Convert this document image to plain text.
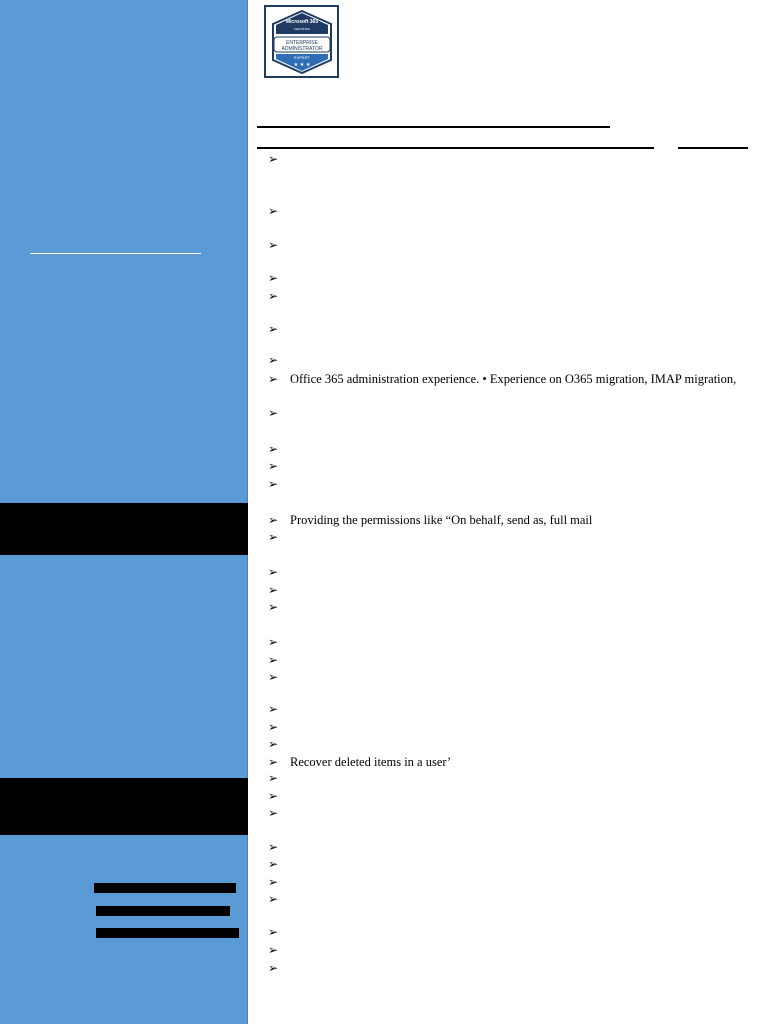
Microsoft 365
CERTIFIED
ENTERPRISE
ADMINISTRATOR
EXPERT
★ ★ ★
➢
➢
➢
➢
➢
➢
➢
➢ Office 365 administration experience. • Experience on O365 migration, IMAP migration,
➢
➢
➢
➢
➢ Providing the permissions like “On behalf, send as, full mail
➢
➢
➢
➢
➢
➢
➢
➢
➢
➢
➢ Recover deleted items in a user’
➢
➢
➢
➢
➢
➢
➢
➢
➢
➢
